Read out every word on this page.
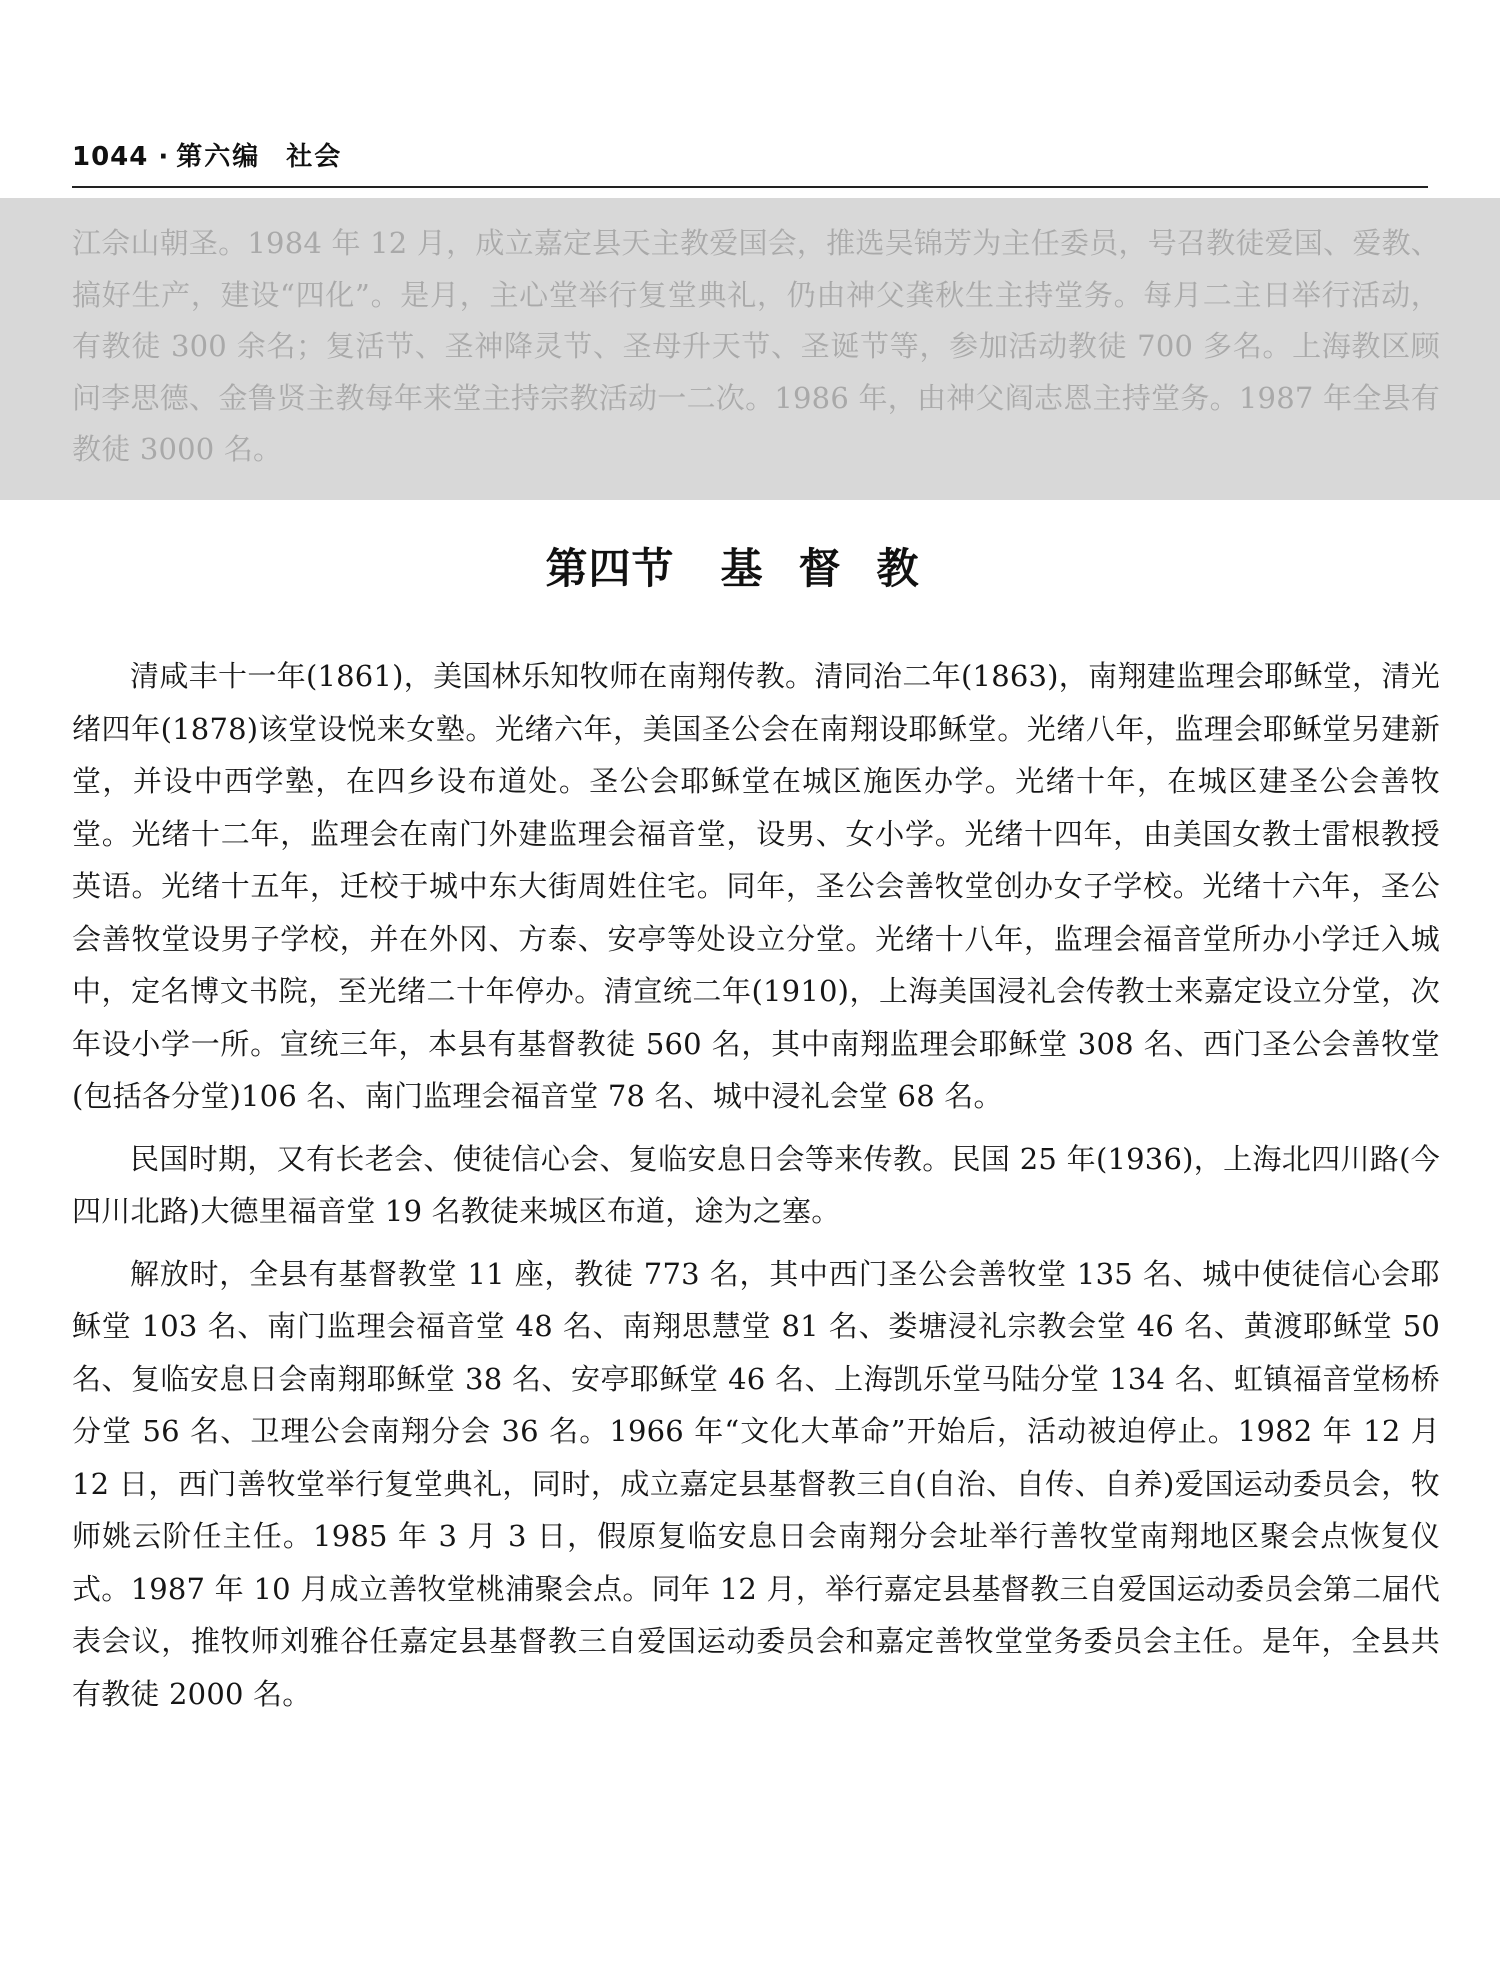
1044 · 第六编 社会

江佘山朝圣。1984 年 12 月，成立嘉定县天主教爱国会，推选吴锦芳为主任委员，号召教徒爱国、爱教、搞好生产，建设“四化”。是月，主心堂举行复堂典礼，仍由神父龚秋生主持堂务。每月二主日举行活动，有教徒 300 余名；复活节、圣神降灵节、圣母升天节、圣诞节等，参加活动教徒 700 多名。上海教区顾问李思德、金鲁贤主教每年来堂主持宗教活动一二次。1986 年，由神父阎志恩主持堂务。1987 年全县有教徒 3000 名。

第四节 基督教

清咸丰十一年(1861)，美国林乐知牧师在南翔传教。清同治二年(1863)，南翔建监理会耶稣堂，清光绪四年(1878)该堂设悦来女塾。光绪六年，美国圣公会在南翔设耶稣堂。光绪八年，监理会耶稣堂另建新堂，并设中西学塾，在四乡设布道处。圣公会耶稣堂在城区施医办学。光绪十年，在城区建圣公会善牧堂。光绪十二年，监理会在南门外建监理会福音堂，设男、女小学。光绪十四年，由美国女教士雷根教授英语。光绪十五年，迁校于城中东大街周姓住宅。同年，圣公会善牧堂创办女子学校。光绪十六年，圣公会善牧堂设男子学校，并在外冈、方泰、安亭等处设立分堂。光绪十八年，监理会福音堂所办小学迁入城中，定名博文书院，至光绪二十年停办。清宣统二年(1910)，上海美国浸礼会传教士来嘉定设立分堂，次年设小学一所。宣统三年，本县有基督教徒 560 名，其中南翔监理会耶稣堂 308 名、西门圣公会善牧堂(包括各分堂)106 名、南门监理会福音堂 78 名、城中浸礼会堂 68 名。

民国时期，又有长老会、使徒信心会、复临安息日会等来传教。民国 25 年(1936)，上海北四川路(今四川北路)大德里福音堂 19 名教徒来城区布道，途为之塞。

解放时，全县有基督教堂 11 座，教徒 773 名，其中西门圣公会善牧堂 135 名、城中使徒信心会耶稣堂 103 名、南门监理会福音堂 48 名、南翔思慧堂 81 名、娄塘浸礼宗教会堂 46 名、黄渡耶稣堂 50 名、复临安息日会南翔耶稣堂 38 名、安亭耶稣堂 46 名、上海凯乐堂马陆分堂 134 名、虹镇福音堂杨桥分堂 56 名、卫理公会南翔分会 36 名。1966 年“文化大革命”开始后，活动被迫停止。1982 年 12 月 12 日，西门善牧堂举行复堂典礼，同时，成立嘉定县基督教三自(自治、自传、自养)爱国运动委员会，牧师姚云阶任主任。1985 年 3 月 3 日，假原复临安息日会南翔分会址举行善牧堂南翔地区聚会点恢复仪式。1987 年 10 月成立善牧堂桃浦聚会点。同年 12 月，举行嘉定县基督教三自爱国运动委员会第二届代表会议，推牧师刘雅谷任嘉定县基督教三自爱国运动委员会和嘉定善牧堂堂务委员会主任。是年，全县共有教徒 2000 名。
